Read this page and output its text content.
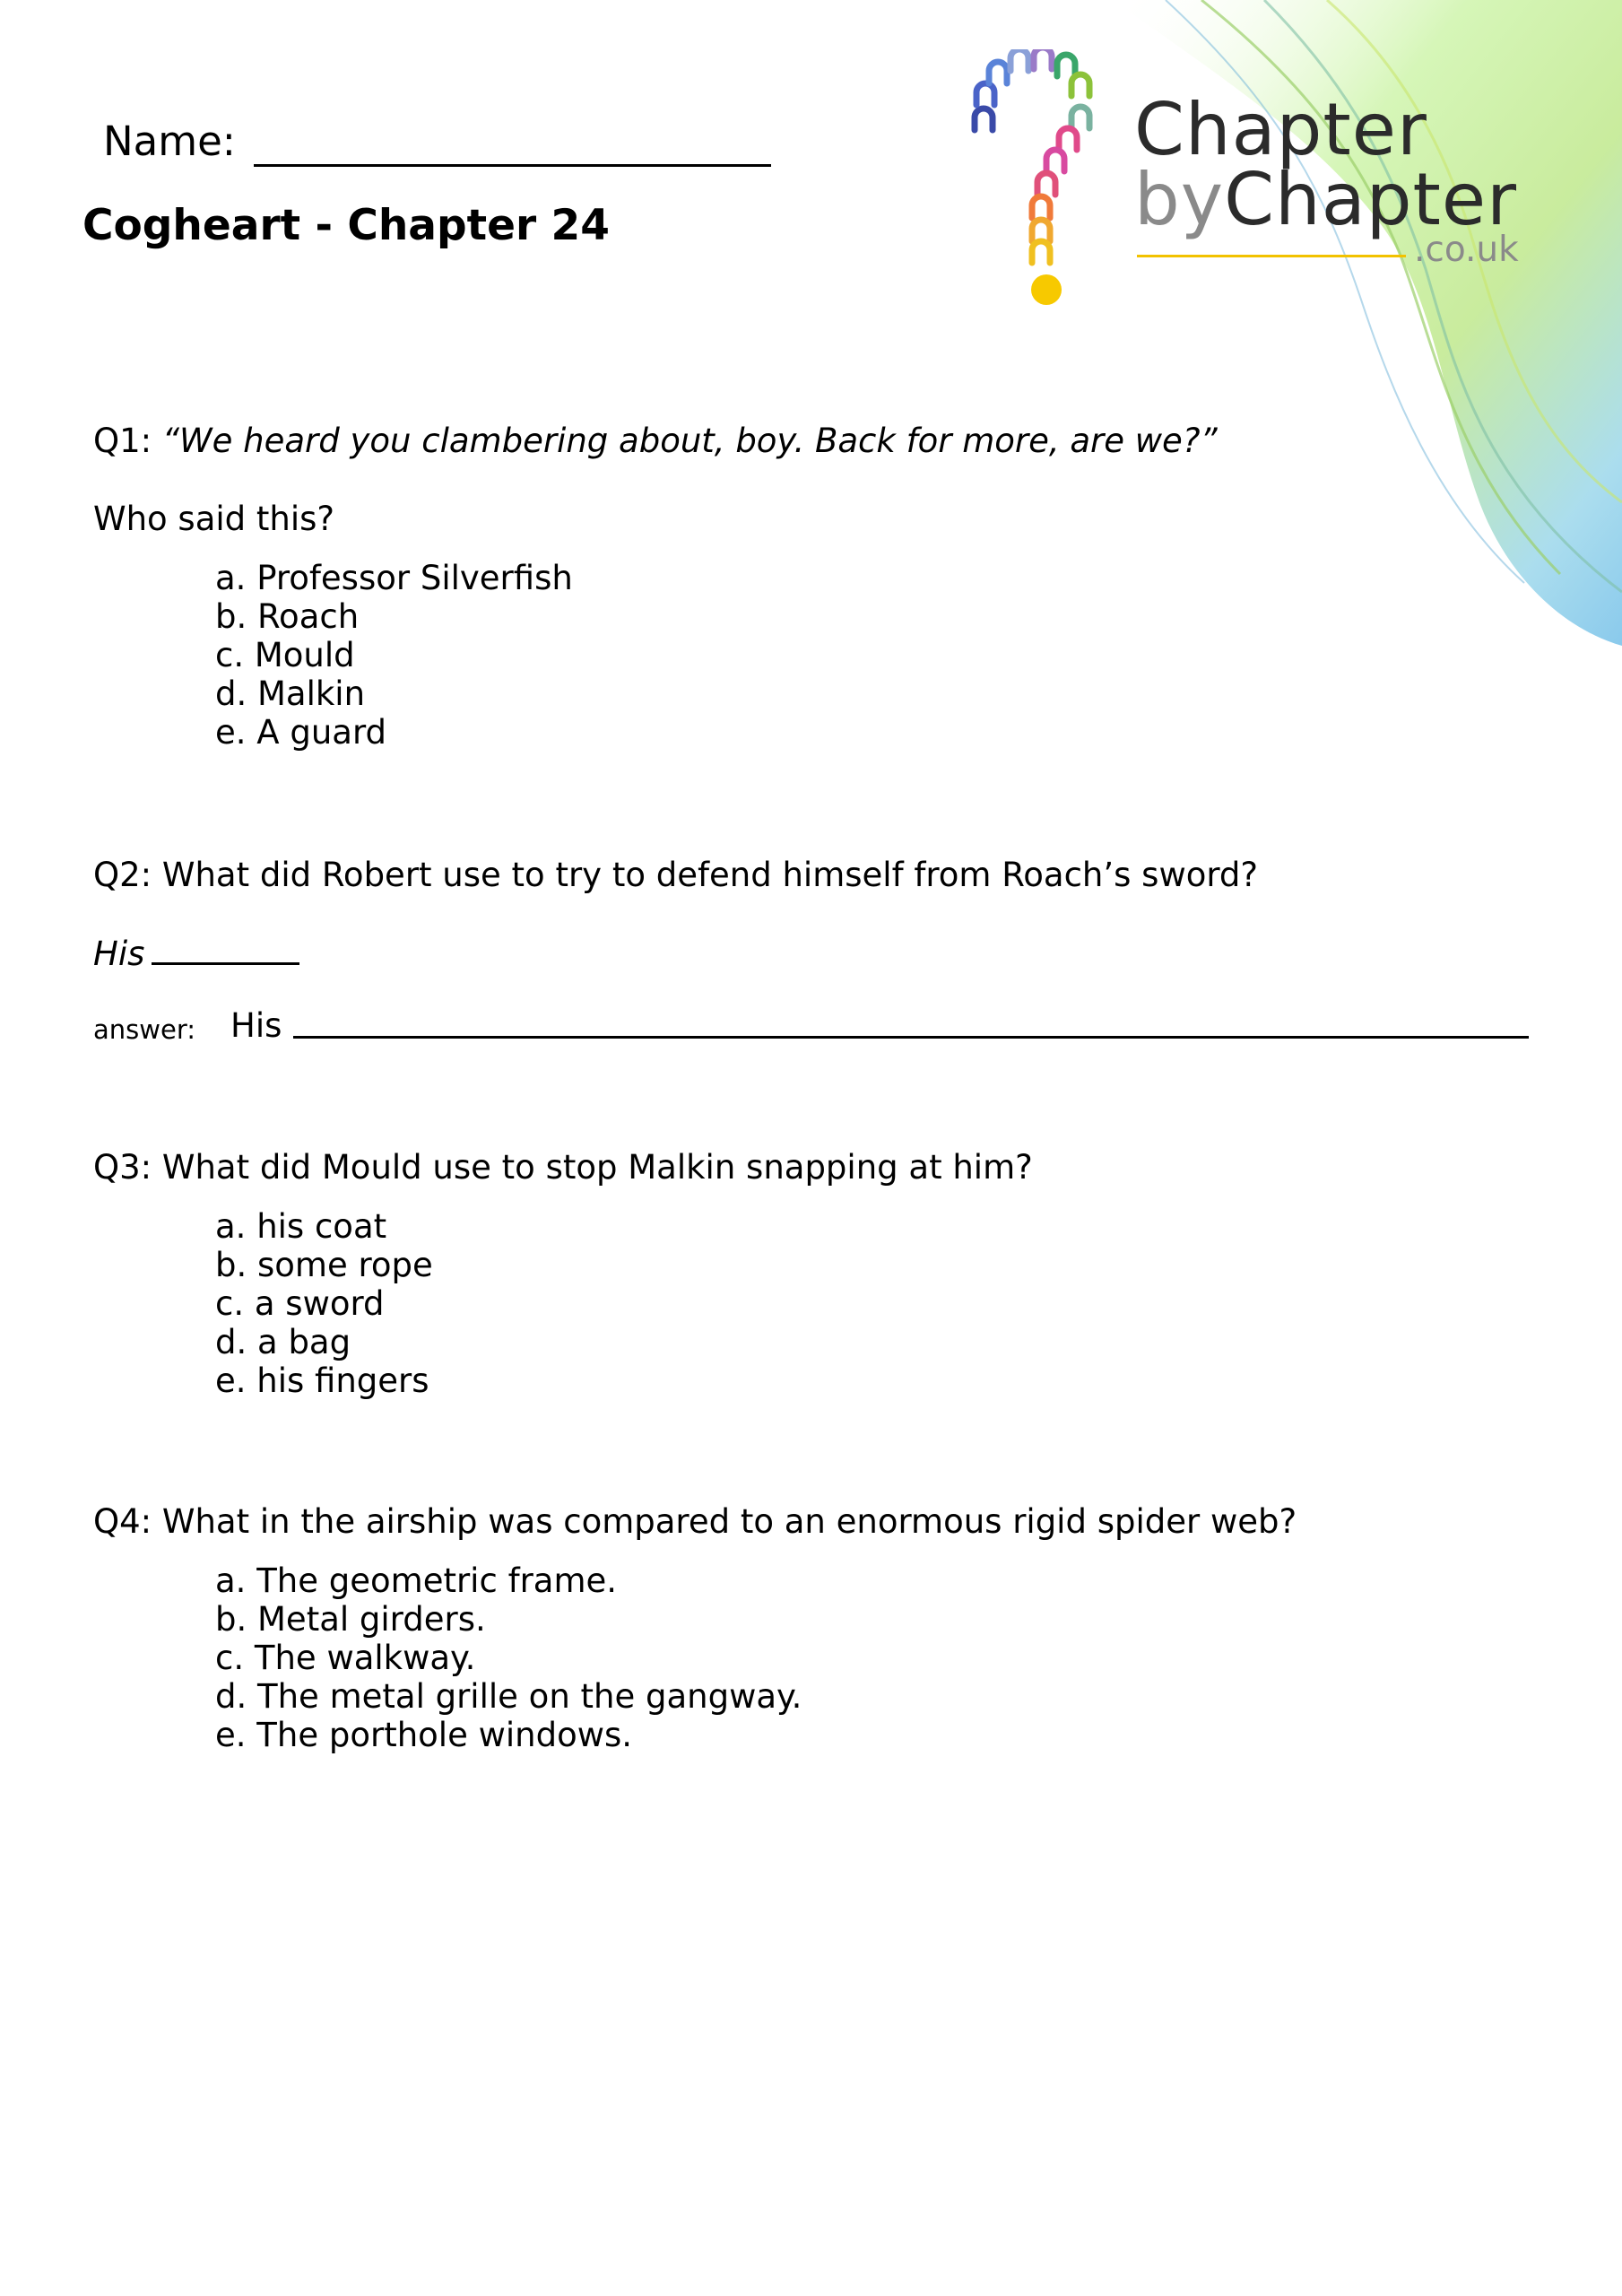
Chapter
byChapter
.co.uk
Name:
Cogheart - Chapter 24
Q1: “We heard you clambering about, boy. Back for more, are we?”
Who said this?
a. Professor Silverfish
b. Roach
c. Mould
d. Malkin
e. A guard
Q2: What did Robert use to try to defend himself from Roach’s sword?
His
answer: His
Q3: What did Mould use to stop Malkin snapping at him?
a. his coat
b. some rope
c. a sword
d. a bag
e. his fingers
Q4: What in the airship was compared to an enormous rigid spider web?
a. The geometric frame.
b. Metal girders.
c. The walkway.
d. The metal grille on the gangway.
e. The porthole windows.
